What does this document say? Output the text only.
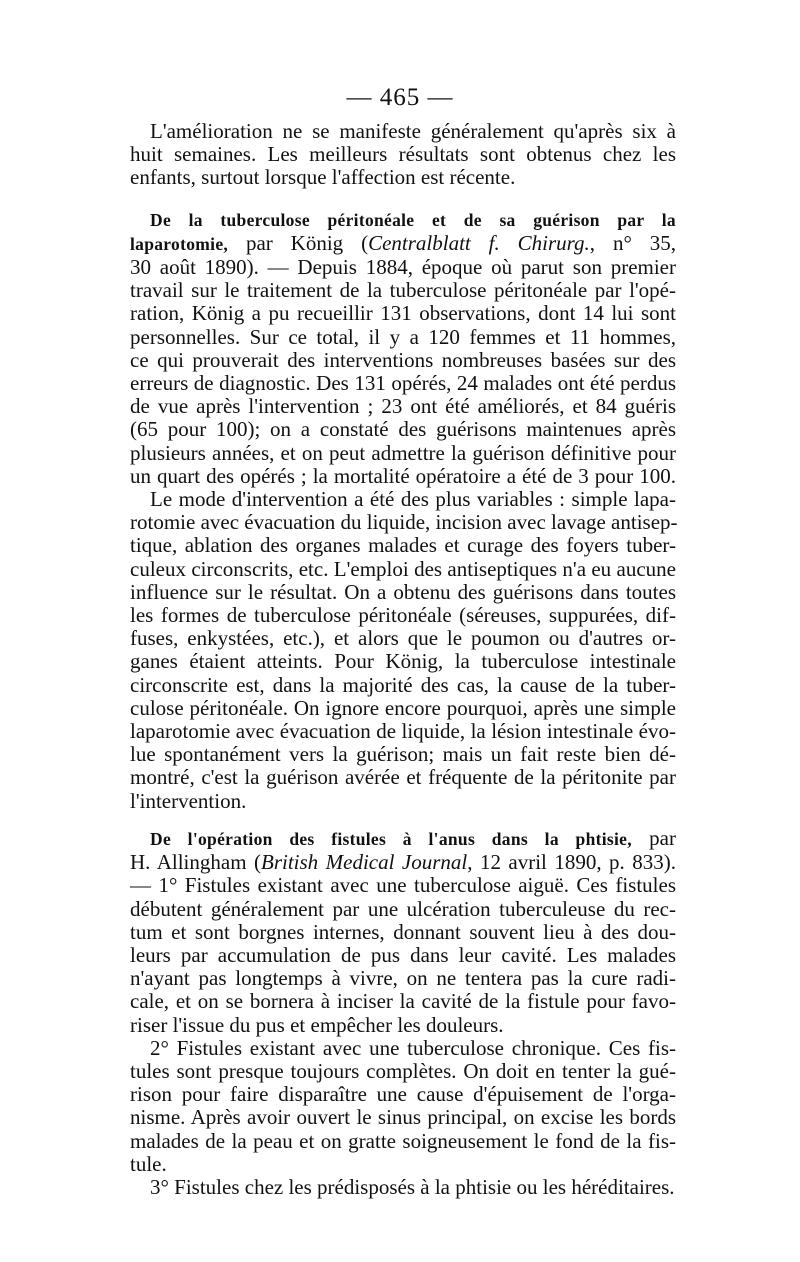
— 465 —
L'amélioration ne se manifeste généralement qu'après six à
huit semaines. Les meilleurs résultats sont obtenus chez les
enfants, surtout lorsque l'affection est récente.
De la tuberculose péritonéale et de sa guérison par la
laparotomie, par König (Centralblatt f. Chirurg., n° 35,
30 août 1890). — Depuis 1884, époque où parut son premier
travail sur le traitement de la tuberculose péritonéale par l'opé-
ration, König a pu recueillir 131 observations, dont 14 lui sont
personnelles. Sur ce total, il y a 120 femmes et 11 hommes,
ce qui prouverait des interventions nombreuses basées sur des
erreurs de diagnostic. Des 131 opérés, 24 malades ont été perdus
de vue après l'intervention ; 23 ont été améliorés, et 84 guéris
(65 pour 100); on a constaté des guérisons maintenues après
plusieurs années, et on peut admettre la guérison définitive pour
un quart des opérés ; la mortalité opératoire a été de 3 pour 100.
Le mode d'intervention a été des plus variables : simple lapa-
rotomie avec évacuation du liquide, incision avec lavage antisep-
tique, ablation des organes malades et curage des foyers tuber-
culeux circonscrits, etc. L'emploi des antiseptiques n'a eu aucune
influence sur le résultat. On a obtenu des guérisons dans toutes
les formes de tuberculose péritonéale (séreuses, suppurées, dif-
fuses, enkystées, etc.), et alors que le poumon ou d'autres or-
ganes étaient atteints. Pour König, la tuberculose intestinale
circonscrite est, dans la majorité des cas, la cause de la tuber-
culose péritonéale. On ignore encore pourquoi, après une simple
laparotomie avec évacuation de liquide, la lésion intestinale évo-
lue spontanément vers la guérison; mais un fait reste bien dé-
montré, c'est la guérison avérée et fréquente de la péritonite par
l'intervention.
De l'opération des fistules à l'anus dans la phtisie, par
H. Allingham (British Medical Journal, 12 avril 1890, p. 833).
— 1° Fistules existant avec une tuberculose aiguë. Ces fistules
débutent généralement par une ulcération tuberculeuse du rec-
tum et sont borgnes internes, donnant souvent lieu à des dou-
leurs par accumulation de pus dans leur cavité. Les malades
n'ayant pas longtemps à vivre, on ne tentera pas la cure radi-
cale, et on se bornera à inciser la cavité de la fistule pour favo-
riser l'issue du pus et empêcher les douleurs.
2° Fistules existant avec une tuberculose chronique. Ces fis-
tules sont presque toujours complètes. On doit en tenter la gué-
rison pour faire disparaître une cause d'épuisement de l'orga-
nisme. Après avoir ouvert le sinus principal, on excise les bords
malades de la peau et on gratte soigneusement le fond de la fis-
tule.
3° Fistules chez les prédisposés à la phtisie ou les héréditaires.
